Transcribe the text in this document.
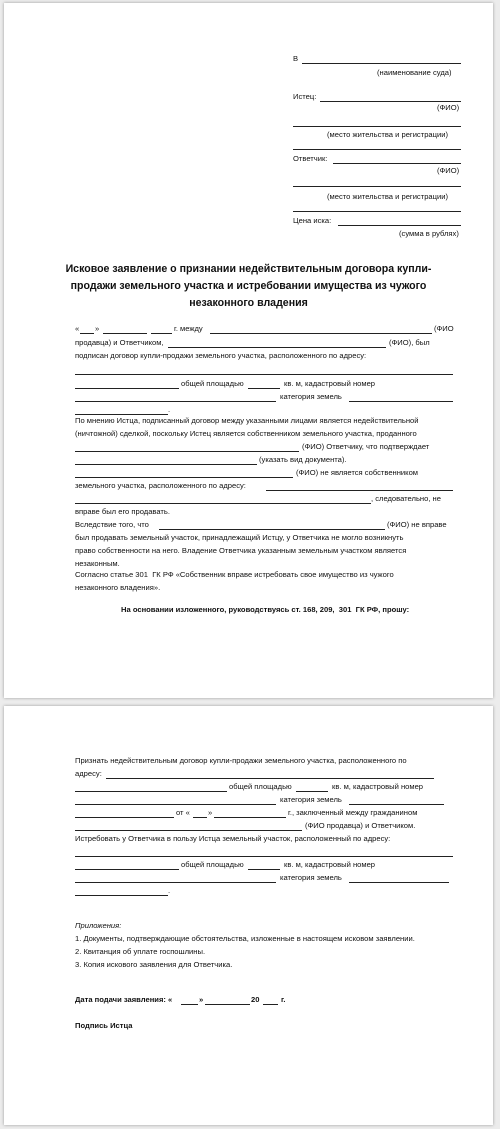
В
(наименование суда)
Истец:
(ФИО)
(место жительства и регистрации)
Ответчик:
(ФИО)
(место жительства и регистрации)
Цена иска:
(сумма в рублях)
Исковое заявление о признании недействительным договора купли-
продажи земельного участка и истребовании имущества из чужого
незаконного владения
« »	г. между	(ФИО
продавца) и Ответчиком,	(ФИО), был
подписан договор купли-продажи земельного участка, расположенного по адресу:
общей площадью	кв. м, кадастровый номер
категория земель
.
По мнению Истца, подписанный договор между указанными лицами является недействительной
(ничтожной) сделкой, поскольку Истец является собственником земельного участка, проданного
(ФИО) Ответчику, что подтверждает
(указать вид документа).
(ФИО) не является собственником
земельного участка, расположенного по адресу:
, следовательно, не
вправе был его продавать.
Вследствие того, что	(ФИО) не вправе
был продавать земельный участок, принадлежащий Истцу, у Ответчика не могло возникнуть
право собственности на него. Владение Ответчика указанным земельным участком является
незаконным.
Согласно статье 301  ГК РФ «Собственник вправе истребовать свое имущество из чужого
незаконного владения».
На основании изложенного, руководствуясь ст. 168, 209,  301  ГК РФ, прошу:
Признать недействительным договор купли-продажи земельного участка, расположенного по
адресу:
общей площадью	кв. м, кадастровый номер
категория земель
от « »	г., заключенный между гражданином
(ФИО продавца) и Ответчиком.
Истребовать у Ответчика в пользу Истца земельный участок, расположенный по адресу:
общей площадью	кв. м, кадастровый номер
категория земель
.
Приложения:
1. Документы, подтверждающие обстоятельства, изложенные в настоящем исковом заявлении.
2. Квитанция об уплате госпошлины.
3. Копия искового заявления для Ответчика.
Дата подачи заявления: «	»	20	г.
Подпись Истца
